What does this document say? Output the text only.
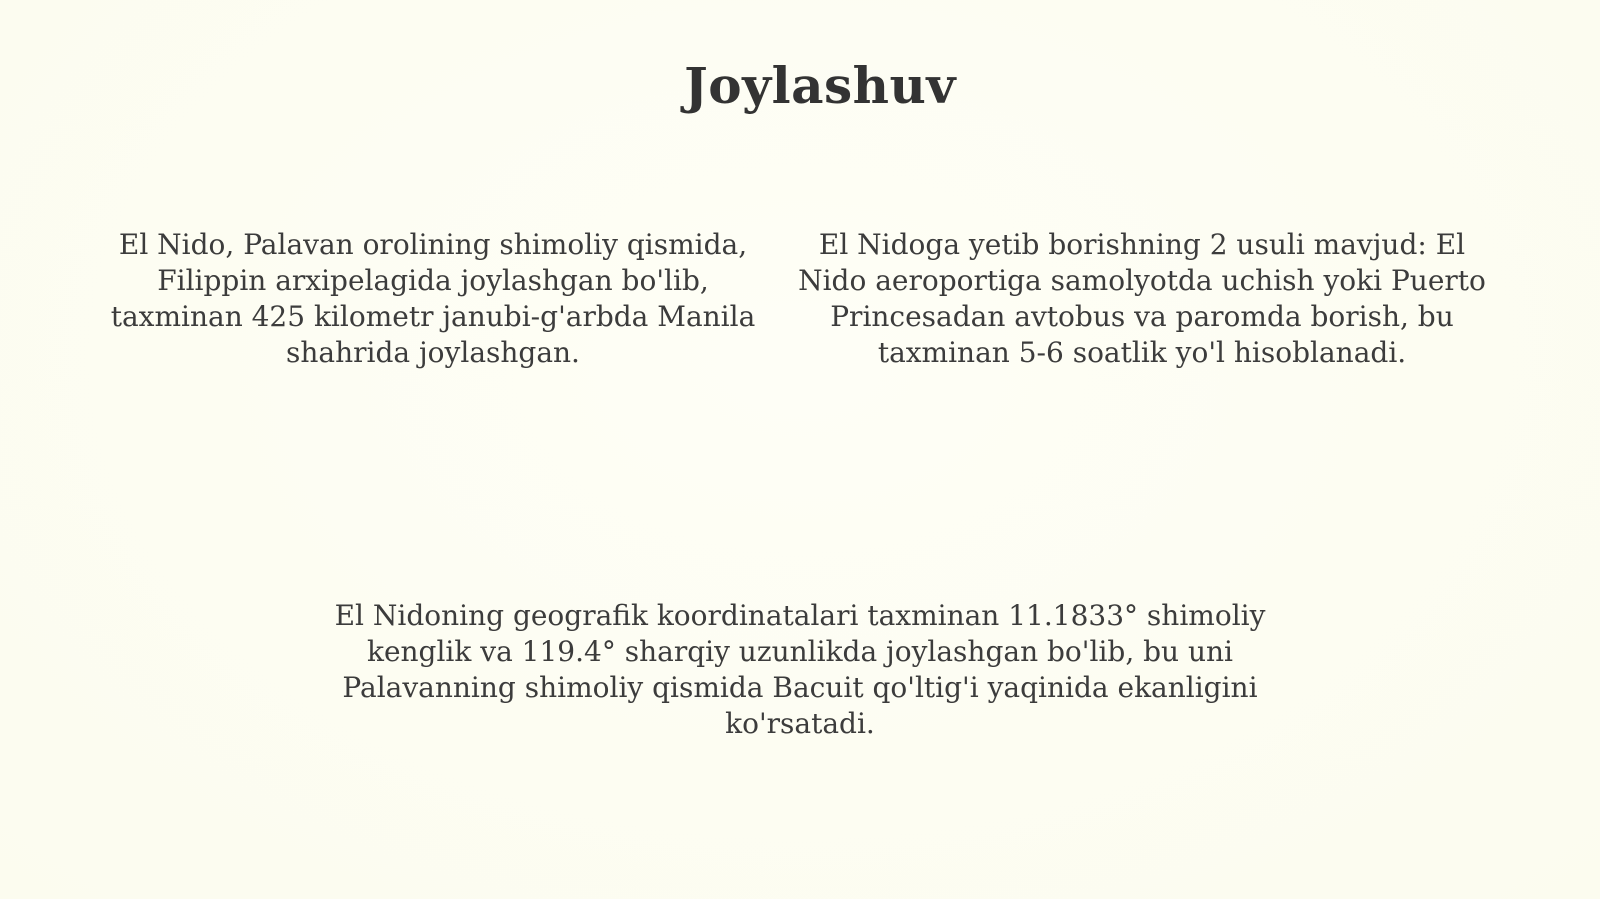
Joylashuv

El Nido, Palavan orolining shimoliy qismida, Filippin arxipelagida joylashgan bo'lib, taxminan 425 kilometr janubi-g'arbda Manila shahrida joylashgan.

El Nidoga yetib borishning 2 usuli mavjud: El Nido aeroportiga samolyotda uchish yoki Puerto Princesadan avtobus va paromda borish, bu taxminan 5-6 soatlik yo'l hisoblanadi.

El Nidoning geografik koordinatalari taxminan 11.1833° shimoliy kenglik va 119.4° sharqiy uzunlikda joylashgan bo'lib, bu uni Palavanning shimoliy qismida Bacuit qo'ltig'i yaqinida ekanligini ko'rsatadi.
